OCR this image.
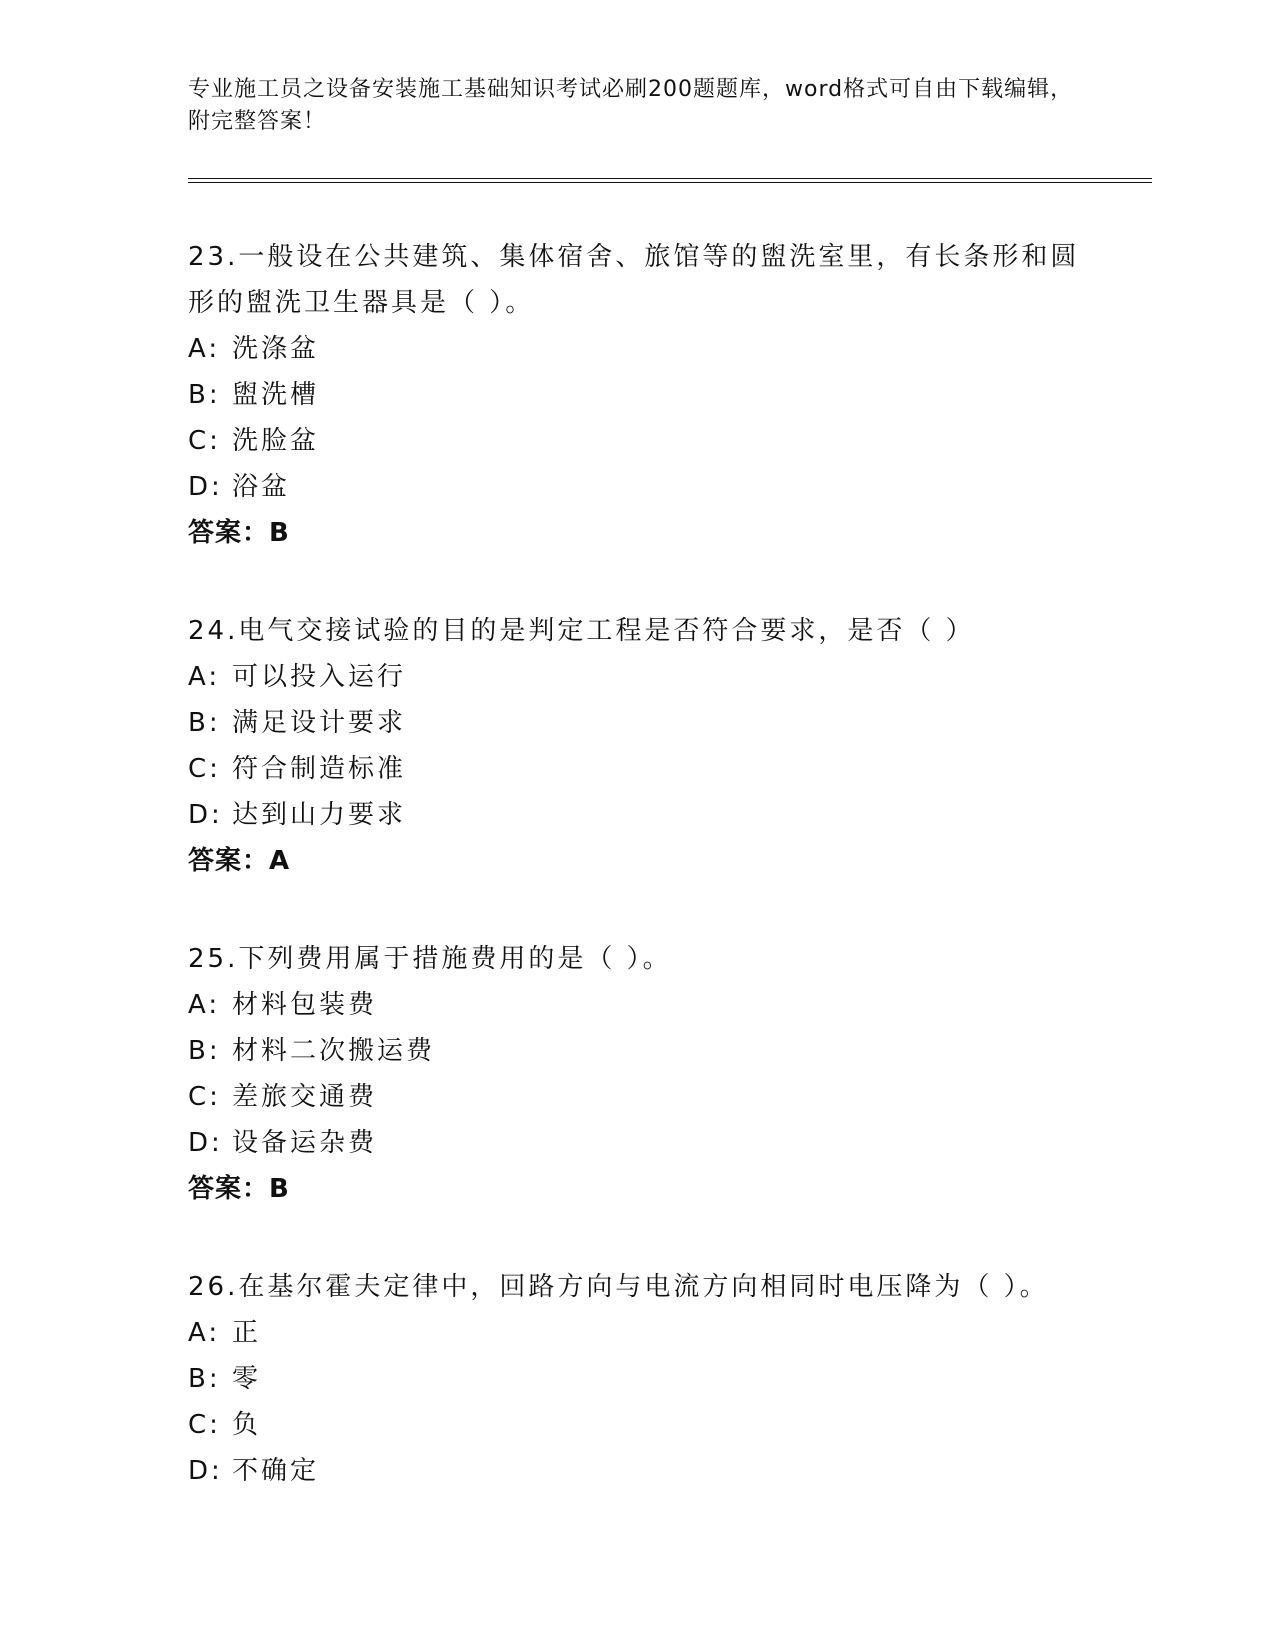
专业施工员之设备安装施工基础知识考试必刷200题题库，word格式可自由下载编辑，附完整答案！
23.一般设在公共建筑、集体宿舍、旅馆等的盥洗室里，有长条形和圆形的盥洗卫生器具是（ ）。
A: 洗涤盆
B: 盥洗槽
C: 洗脸盆
D: 浴盆
答案：B
24.电气交接试验的目的是判定工程是否符合要求，是否（ ）
A: 可以投入运行
B: 满足设计要求
C: 符合制造标准
D: 达到山力要求
答案：A
25.下列费用属于措施费用的是（ ）。
A: 材料包装费
B: 材料二次搬运费
C: 差旅交通费
D: 设备运杂费
答案：B
26.在基尔霍夫定律中，回路方向与电流方向相同时电压降为（ ）。
A: 正
B: 零
C: 负
D: 不确定
